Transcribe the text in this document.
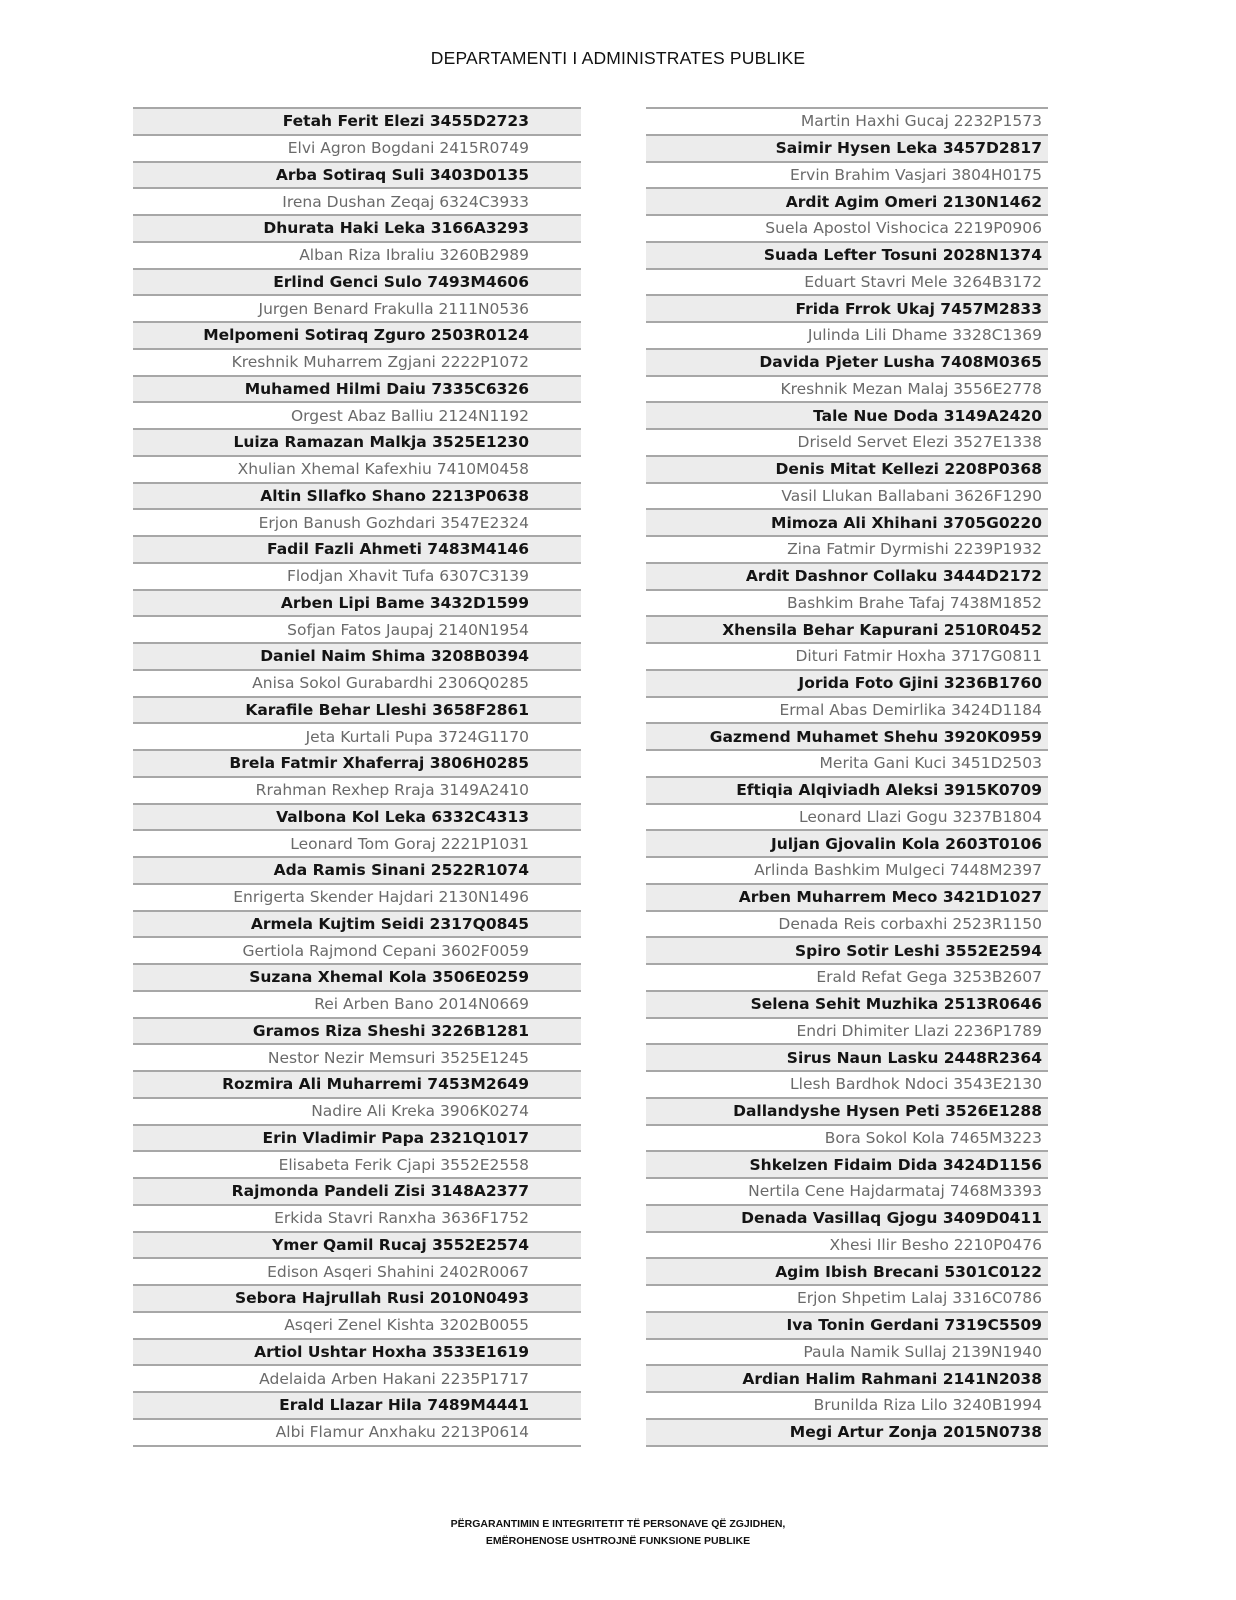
DEPARTAMENTI I ADMINISTRATES PUBLIKE
Fetah Ferit Elezi 3455D2723
Elvi Agron Bogdani 2415R0749
Arba Sotiraq Suli 3403D0135
Irena Dushan Zeqaj 6324C3933
Dhurata Haki Leka 3166A3293
Alban Riza Ibraliu 3260B2989
Erlind Genci Sulo 7493M4606
Jurgen Benard Frakulla 2111N0536
Melpomeni Sotiraq Zguro 2503R0124
Kreshnik Muharrem Zgjani 2222P1072
Muhamed Hilmi Daiu 7335C6326
Orgest Abaz Balliu 2124N1192
Luiza Ramazan Malkja 3525E1230
Xhulian Xhemal Kafexhiu 7410M0458
Altin Sllafko Shano 2213P0638
Erjon Banush Gozhdari 3547E2324
Fadil Fazli Ahmeti 7483M4146
Flodjan Xhavit Tufa 6307C3139
Arben Lipi Bame 3432D1599
Sofjan Fatos Jaupaj 2140N1954
Daniel Naim Shima 3208B0394
Anisa Sokol Gurabardhi 2306Q0285
Karafile Behar Lleshi 3658F2861
Jeta Kurtali Pupa 3724G1170
Brela Fatmir Xhaferraj 3806H0285
Rrahman Rexhep Rraja 3149A2410
Valbona Kol Leka 6332C4313
Leonard Tom Goraj 2221P1031
Ada Ramis Sinani 2522R1074
Enrigerta Skender Hajdari 2130N1496
Armela Kujtim Seidi 2317Q0845
Gertiola Rajmond Cepani 3602F0059
Suzana Xhemal Kola 3506E0259
Rei Arben Bano 2014N0669
Gramos Riza Sheshi 3226B1281
Nestor Nezir Memsuri 3525E1245
Rozmira Ali Muharremi 7453M2649
Nadire Ali Kreka 3906K0274
Erin Vladimir Papa 2321Q1017
Elisabeta Ferik Cjapi 3552E2558
Rajmonda Pandeli Zisi 3148A2377
Erkida Stavri Ranxha 3636F1752
Ymer Qamil Rucaj 3552E2574
Edison Asqeri Shahini 2402R0067
Sebora Hajrullah Rusi 2010N0493
Asqeri Zenel Kishta 3202B0055
Artiol Ushtar Hoxha 3533E1619
Adelaida Arben Hakani 2235P1717
Erald Llazar Hila 7489M4441
Albi Flamur Anxhaku 2213P0614
Martin Haxhi Gucaj 2232P1573
Saimir Hysen Leka 3457D2817
Ervin Brahim Vasjari 3804H0175
Ardit Agim Omeri 2130N1462
Suela Apostol Vishocica 2219P0906
Suada Lefter Tosuni 2028N1374
Eduart Stavri Mele 3264B3172
Frida Frrok Ukaj 7457M2833
Julinda Lili Dhame 3328C1369
Davida Pjeter Lusha 7408M0365
Kreshnik Mezan Malaj 3556E2778
Tale Nue Doda 3149A2420
Driseld Servet Elezi 3527E1338
Denis Mitat Kellezi 2208P0368
Vasil Llukan Ballabani 3626F1290
Mimoza Ali Xhihani 3705G0220
Zina Fatmir Dyrmishi 2239P1932
Ardit Dashnor Collaku 3444D2172
Bashkim Brahe Tafaj 7438M1852
Xhensila Behar Kapurani 2510R0452
Dituri Fatmir Hoxha 3717G0811
Jorida Foto Gjini 3236B1760
Ermal Abas Demirlika 3424D1184
Gazmend Muhamet Shehu 3920K0959
Merita Gani Kuci 3451D2503
Eftiqia Alqiviadh Aleksi 3915K0709
Leonard Llazi Gogu 3237B1804
Juljan Gjovalin Kola 2603T0106
Arlinda Bashkim Mulgeci 7448M2397
Arben Muharrem Meco 3421D1027
Denada Reis corbaxhi 2523R1150
Spiro Sotir Leshi 3552E2594
Erald Refat Gega 3253B2607
Selena Sehit Muzhika 2513R0646
Endri Dhimiter Llazi 2236P1789
Sirus Naun Lasku 2448R2364
Llesh Bardhok Ndoci 3543E2130
Dallandyshe Hysen Peti 3526E1288
Bora Sokol Kola 7465M3223
Shkelzen Fidaim Dida 3424D1156
Nertila Cene Hajdarmataj 7468M3393
Denada Vasillaq Gjogu 3409D0411
Xhesi Ilir Besho 2210P0476
Agim Ibish Brecani 5301C0122
Erjon Shpetim Lalaj 3316C0786
Iva Tonin Gerdani 7319C5509
Paula Namik Sullaj 2139N1940
Ardian Halim Rahmani 2141N2038
Brunilda Riza Lilo 3240B1994
Megi Artur Zonja 2015N0738
PËRGARANTIMIN E INTEGRITETIT TË PERSONAVE QË ZGJIDHEN,
EMËROHENOSE USHTROJNË FUNKSIONE PUBLIKE
